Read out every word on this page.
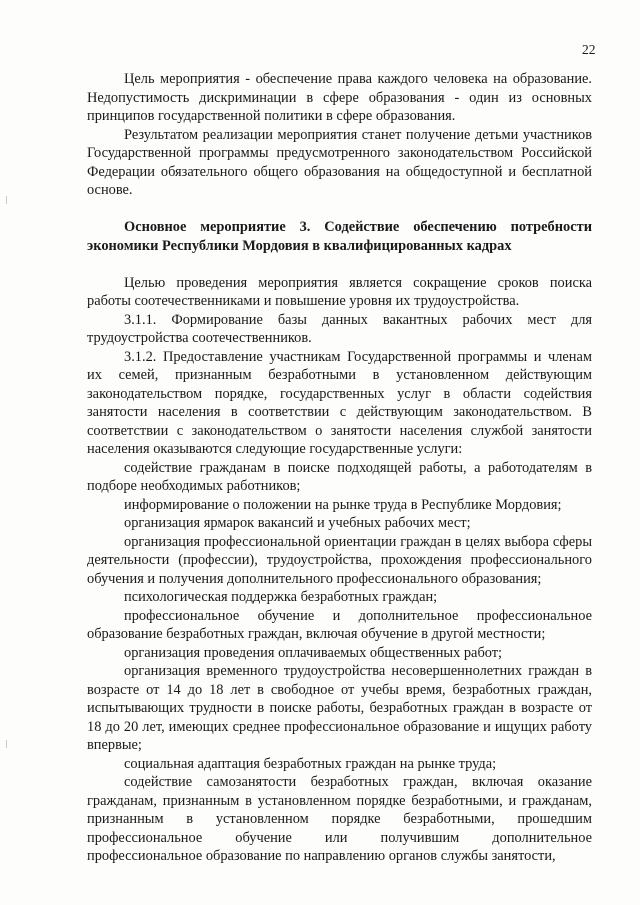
22

Цель мероприятия - обеспечение права каждого человека на образование. Недопустимость дискриминации в сфере образования - один из основных принципов государственной политики в сфере образования.

Результатом реализации мероприятия станет получение детьми участников Государственной программы предусмотренного законодательством Российской Федерации обязательного общего образования на общедоступной и бесплатной основе.

Основное мероприятие 3. Содействие обеспечению потребности экономики Республики Мордовия в квалифицированных кадрах

Целью проведения мероприятия является сокращение сроков поиска работы соотечественниками и повышение уровня их трудоустройства.

3.1.1. Формирование базы данных вакантных рабочих мест для трудоустройства соотечественников.

3.1.2. Предоставление участникам Государственной программы и членам их семей, признанным безработными в установленном действующим законодательством порядке, государственных услуг в области содействия занятости населения в соответствии с действующим законодательством. В соответствии с законодательством о занятости населения службой занятости населения оказываются следующие государственные услуги:

содействие гражданам в поиске подходящей работы, а работодателям в подборе необходимых работников;

информирование о положении на рынке труда в Республике Мордовия;

организация ярмарок вакансий и учебных рабочих мест;

организация профессиональной ориентации граждан в целях выбора сферы деятельности (профессии), трудоустройства, прохождения профессионального обучения и получения дополнительного профессионального образования;

психологическая поддержка безработных граждан;

профессиональное обучение и дополнительное профессиональное образование безработных граждан, включая обучение в другой местности;

организация проведения оплачиваемых общественных работ;

организация временного трудоустройства несовершеннолетних граждан в возрасте от 14 до 18 лет в свободное от учебы время, безработных граждан, испытывающих трудности в поиске работы, безработных граждан в возрасте от 18 до 20 лет, имеющих среднее профессиональное образование и ищущих работу впервые;

социальная адаптация безработных граждан на рынке труда;

содействие самозанятости безработных граждан, включая оказание гражданам, признанным в установленном порядке безработными, и гражданам, признанным в установленном порядке безработными, прошедшим профессиональное обучение или получившим дополнительное профессиональное образование по направлению органов службы занятости,
